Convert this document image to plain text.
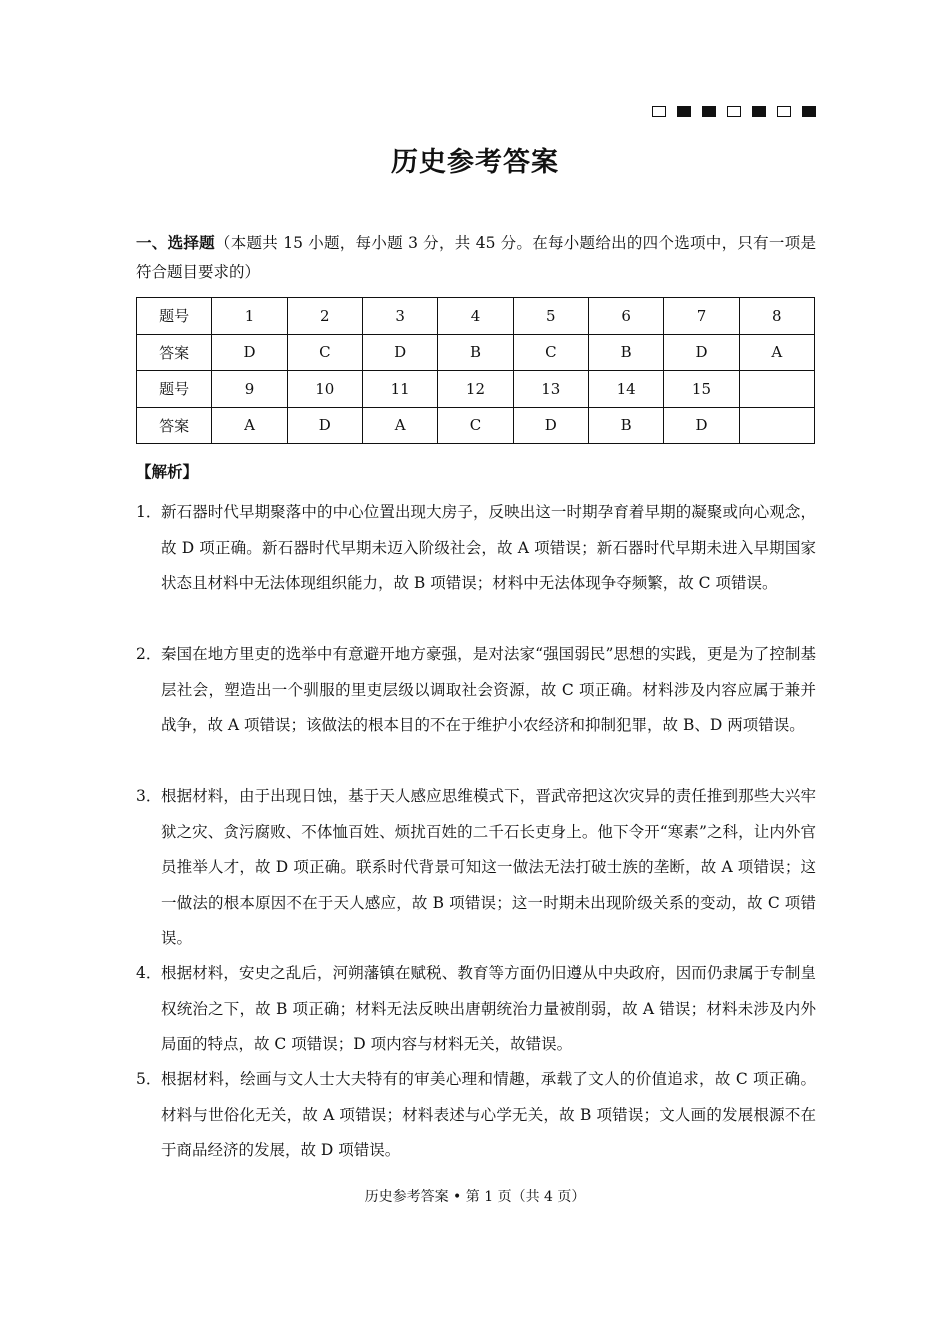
历史参考答案
一、选择题（本题共 15 小题，每小题 3 分，共 45 分。在每小题给出的四个选项中，只有一项是符合题目要求的）
题号	1	2	3	4	5	6	7	8
答案	D	C	D	B	C	B	D	A
题号	9	10	11	12	13	14	15	
答案	A	D	A	C	D	B	D	
【解析】
1． 新石器时代早期聚落中的中心位置出现大房子，反映出这一时期孕育着早期的凝聚或向心观念，故 D 项正确。新石器时代早期未迈入阶级社会，故 A 项错误；新石器时代早期未进入早期国家状态且材料中无法体现组织能力，故 B 项错误；材料中无法体现争夺频繁，故 C 项错误。
2． 秦国在地方里吏的选举中有意避开地方豪强，是对法家“强国弱民”思想的实践，更是为了控制基层社会，塑造出一个驯服的里吏层级以调取社会资源，故 C 项正确。材料涉及内容应属于兼并战争，故 A 项错误；该做法的根本目的不在于维护小农经济和抑制犯罪，故 B、D 两项错误。
3． 根据材料，由于出现日蚀，基于天人感应思维模式下，晋武帝把这次灾异的责任推到那些大兴牢狱之灾、贪污腐败、不体恤百姓、烦扰百姓的二千石长吏身上。他下令开“寒素”之科，让内外官员推举人才，故 D 项正确。联系时代背景可知这一做法无法打破士族的垄断，故 A 项错误；这一做法的根本原因不在于天人感应，故 B 项错误；这一时期未出现阶级关系的变动，故 C 项错误。
4． 根据材料，安史之乱后，河朔藩镇在赋税、教育等方面仍旧遵从中央政府，因而仍隶属于专制皇权统治之下，故 B 项正确；材料无法反映出唐朝统治力量被削弱，故 A 错误；材料未涉及内外局面的特点，故 C 项错误；D 项内容与材料无关，故错误。
5． 根据材料，绘画与文人士大夫特有的审美心理和情趣，承载了文人的价值追求，故 C 项正确。材料与世俗化无关，故 A 项错误；材料表述与心学无关，故 B 项错误；文人画的发展根源不在于商品经济的发展，故 D 项错误。
历史参考答案 • 第 1 页（共 4 页）
